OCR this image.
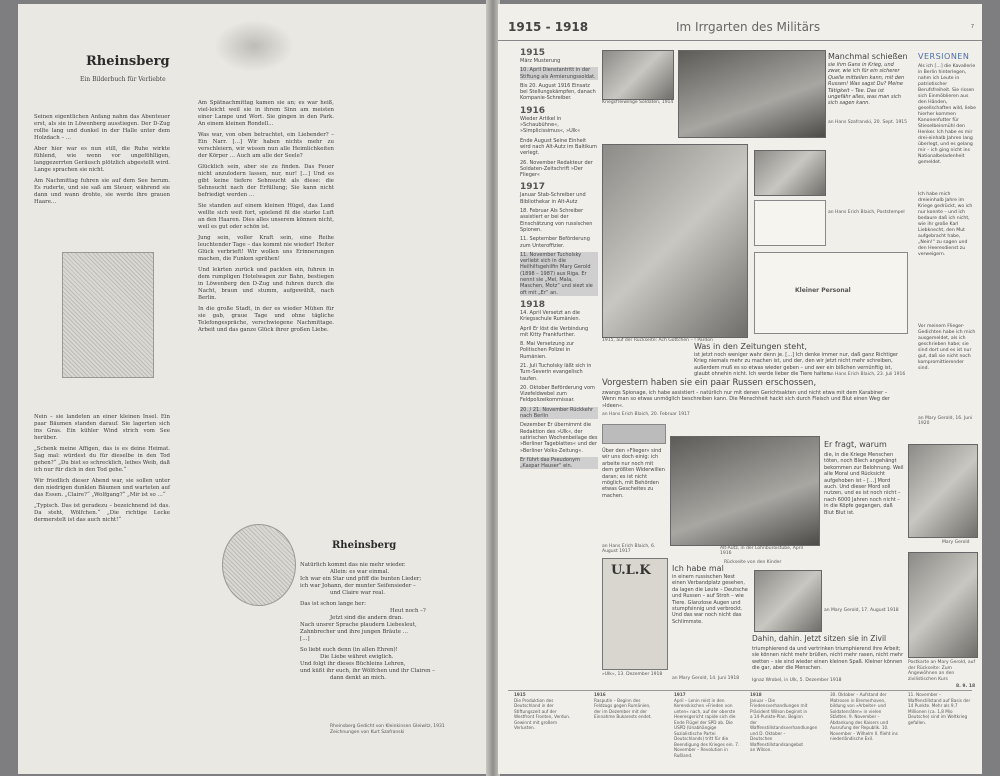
Rheinsberg
Ein Bilderbuch für Verliebte

Seinen eigentlichen Anfang nahm das Abenteuer erst, als sie in Löwenberg ausstiegen. Der D-Zug rollte lang und dunkel in der Halle unter dem Holzdach – ...

Aber hier war es nun still, die Ruhe wirkte fühlend, wie wenn vor ungeföhlligen, langgezerrten Geräusch plötzlich abgestellt wird. Lange sprachen sie nicht.

Am Nachmittag fuhren sie auf dem See herum. Es ruderte, und sie saß am Steuer, während sie dann und wann drohte, sie werde ihre grauen Haare...

Nein – sie landeten an einer kleinen Insel. Ein paar Bäumen standen darauf. Sie lagerten sich ins Gras. Ein kühler Wind strich vom See herüber.

„Schenk meine Affigen, das is es deine Heimat. Sag mal: würdest du für dieselbe in den Tod gehen?“ „Du bist so schrecklich, leibes Weib, daß ich nur für dich in den Tod gehe.“

Wir friedlich dieser Abend war, sie sollen unter den niedrigen dunklen Bäumen und warteten auf das Essen. „Claire?“ „Wolfgang?“ „Mir ist so …“

„Typisch. Das ist geradezu – bezeichnend ist das. Da steht, Wölfchen.“ „Die richtige Lecke dermerstelt ist das auch nicht!“

Am Spätnachmittag kamen sie an; es war heiß, viel-leicht weil sie in ihrem Sinn am meisten einer Lampe und Wort. Sie gingen in den Park. An einem kleinen Rondell...

Was war, von oben betrachtet, ein Liebender? – Ein Narr. […] Wir haben nichts mehr zu verschleiern, wir wissen nun alle Heimlichkeiten der Körper … Auch am alle der Seele?

Glücklich sein, aber sie zu finden. Das Feuer nicht anzulodern lassen, nur, nur! […] Und es gibt keine tiefere Sehnsucht als diese: die Sehnsucht nach der Erfüllung; Sie kann nicht befriedigt werden …

Sie standen auf einem kleinen Hügel, das Land wellte sich weit fort, spielend fil die starke Luft an den Haaren. Dies alles unserem können nicht, weil es gut oder schön ist.

Jung sein, voller Kraft sein, eine Reihe leuchtender Tage – das kommt nie wieder! Heiter Glück verbrieft! Wir wollen uns Erinnerungen machen, die Funken sprühen!

Und lekrten zurück und packten ein, fuhren in dem rumpligen Hotelwagen zur Bahn, bestiegen in Löwenberg den D-Zug und fuhren durch die Nacht, braun und stumm, aufgewühlt, nach Berlin.

In die große Stadt, in der es wieder Mühen für sie gab, graue Tage und ohne tägliche Telefongespräche, verschwiegene Nachmittage. Arbeit und das ganze Glück ihrer großen Liebe.

Rheinsberg
Natürlich kommt das nie mehr wieder.
Allein: es war einmal.
Ich war ein Star und pfiff die bunten Lieder;
ich war Johann, der munter Seifensieder –
und Claire war real.
Das ist schon lange her:
Heut noch –?
Jetzt sind die andern dran.
Nach unsrer Sprache plaudern Liebesleut,
Zahnbrecher und ihre jungen Bräute …
[…]
So liebt euch denn (in allen Ehren)!
Die Liebe währet ewiglich.
Und folgt ihr dieses Büchleins Lehren,
und küßt ihr euch, ihr Wölfchen und ihr Clairen –
dann denkt an mich.
Rheinsberg Gedicht von Kleinkinsen Gleiwitz, 1931 Zeichnungen von Kurt Szafranski
1915 - 1918	Im Irrgarten des Militärs	7
1915
März Musterung
10. April Dienstantritt in der Stiftung als Armierungssoldat.
Bis 20. August 1916 Einsatz bei Stellungskämpfen, danach Kompanie-Schreiber.
1916
Wieder Artikel in »Schaubühne«, »Simplicissimus«, »Ulk«
Ende August Seine Einheit wird nach Alt-Autz im Baltikum verlegt.
26. November Redakteur der Soldaten-Zeitschrift »Der Flieger«
1917
Januar Stab-Schreiber und Bibliothekar in Alt-Autz
18. Februar Als Schreiber assistiert er bei der Einschätzung von russischen Spionen.
11. September Beförderung zum Unteroffizier.
11. November Tucholsky verliebt sich in die Heilhilfsgehilfin Mary Gerold (1898 – 1987) aus Riga. Er nennt sie „Mel, Mala, Maschen, Motz“ und siezt sie oft mit „Er“ an.
1918
14. April Versetzt an die Kriegsschule Rumänien.
April Er löst die Verbindung mit Kitty Frankfurther.
8. Mai Versetzung zur Politischen Polizei in Rumänien.
21. Juli Tucholsky läßt sich in Turn-Severin evangelisch taufen.
20. Oktober Beförderung vom Vizefeldwebel zum Feldpolizeikommissar.
20. / 21. November Rückkehr nach Berlin
Dezember Er übernimmt die Redaktion des »Ulk«, der satirischen Wochenbeilage des »Berliner Tageblattes« und der »Berliner Volks-Zeitung«.
Er führt das Pseudonym „Kaspar Hauser“ ein.
Kriegsfreiwillige Soldaten, 1914
Manchmal schießen
sie ihm Gans in Krieg, und zwar, wie ich für ein sicherer Quelle mitteilen kann, mit den Russen! Was sagst Du? Meine Tätigkeit – Tee. Das ist ungefähr alles, was man sich sich sagen kann.
an Hans Szafranski, 20. Sept. 1915
VERSIONEN
Als ich […] die Kavallerie in Berlin hinterlegen, nahm ich Leute in patriotischer Berufsfreiheit. Sie rissen sich Einmöblieren aus den Händen, gesellschaften wild, liebe hierher kommen Kanonenfutter für Stieselbeinmühl den Henker. Ich habe es mir drei-einhalb Jahren lang überlegt, und es gelang mir – ich ging nicht ins Nationalbeladenheit gemeldet.
Ich habe mich dreieinhalb Jahre im Kriege gedrückt, wo ich nur konnte – und ich bedaure daß ich nicht, wie ihr große Karl Liebknecht, den Mut aufgebracht habe, „Nein!“ zu sagen und den Heeresdienst zu verweigern.
Vor meinem Flieger-Gedichten habe ich mich ausgemeldet, als ich geschrieben habe; sie sind dort und es ist nur gut, daß sie nicht noch kompromittierender sind.
an Mary Gerold, 16. Juni 1920
1915, auf der Rückseite: Ach Gottchen – ! Pardon
an Hans Erich Blaich, Poststempel
Kleiner Personal
Was in den Zeitungen steht,
ist jetzt noch weniger wahr denn je. […] Ich denke immer nur, daß ganz Richtiger Krieg niemals mehr zu machen ist, und der, den wir jetzt nicht mehr schreiben, außerdem muß es so etwas wieder geben – und wer ein bißchen vernünftig ist, glaubt ohnehin nicht. Ich werde lieber die Tiere halten.
an Hans Erich Blaich, 23. Juli 1916
Vorgestern haben sie ein paar Russen erschossen,
zwangs Spionage, ich habe assistiert – natürlich nur mit denen Gerichtsakten und nicht etwa mit dem Karabiner – Wenn man so etwas unmöglich beschreiben kann. Die Menschheit hackt sich durch Fleisch und Blut einen Weg der »Ideen«.
an Hans Erich Blaich, 20. Februar 1917
Über den »Flieger« sind wir uns doch einig: ich arbeite nur noch mit dem größten Widerwillen daran; es ist nicht möglich, mit Behörden etwas Gescheites zu machen.
an Hans Erich Blaich, 6. August 1917
Alt-Autz, in der Lohnbüroistube, April 1916
Rückseite von den Kinder
Er fragt, warum
die, in die Kriege Menschen töten, noch Blech angehängt bekommen zur Belohnung. Weil alle Moral und Rücksicht aufgehoben ist – […] Mord auch. Und dieser Mord soll nutzen, und es ist noch nicht – nach 6000 Jahren noch nicht – in die Köpfe gegangen, daß Blut Blut ist.
an Mary Gerold, 17. August 1918
Mary Gerold
U.L.K
»Ulk«, 13. Dezember 1918
Ich habe mal
in einem russischen Nest einen Verbandplatz gesehen, da lagen die Leute – Deutsche und Russen – auf Stroh – wie Tiere. Glanzlose Augen und stumpfsinnig und verbrockt. Und das war noch nicht das Schlimmste.
an Mary Gerold, 14. Juni 1918
Dahin, dahin. Jetzt sitzen sie in Zivil
triumphierend da und vertrinken triumphierend ihre Arbeit; sie können nicht mehr brüllen, nicht mehr rasen, nicht mehr wetten – sie sind wieder einen kleinen Spaß. Kleiner können die gar, aber die Menschen.
Ignaz Wrobel, in Ulk, 5. Dezember 1918
Postkarte an Mary Gerold, auf der Rückseite: Zum Angewöhnen an den zivilistischen Kurs
8. 9. 18
1915
Die Produktion des Deutschland in der Stiftungszeit auf der Westfront Fronten, Verdun. Gewinnt mit großem Verlusten.
1916
Rasputin – Beginn des Feldzugs gegen Rumänien, der im Dezember mit der Einnahme Bukarests endet.
1917
April – Lenin reist in den Kerenskischen »Frieden von unten« nach, auf der oberste Heeresgericht rapide sich die Ende Flügel der SPD ab. Die USPD (Unabhängige Sozialistische Partei Deutschlands) tritt für die Beendigung des Krieges ein. 7. November – Revolution in Rußland.
1918
Januar – Die Friedensverhandlungen mit Präsident Wilson beginnt in a 14-Punkte-Plan. Beginn der Waffenstillstandsverhandlungen und D. Oktober – Deutschen Waffenstillstandsangebot an Wilson.
30. Oktober – Aufstand der Matrosen in Bremerhaven, bildung von »Arbeiter- und Soldatenräten« in vielen Städten. 9. November – Abdankung des Kaisers und Ausrufung der Republik. 10. November – Wilhelm II. flieht ins niederländische Exil.
11. November – Waffenstillstand auf Basis der 14 Punkte. Mehr als 9,7 Millionen (ca. 1,8 Mio Deutsche) sind im Weltkrieg gefallen.
